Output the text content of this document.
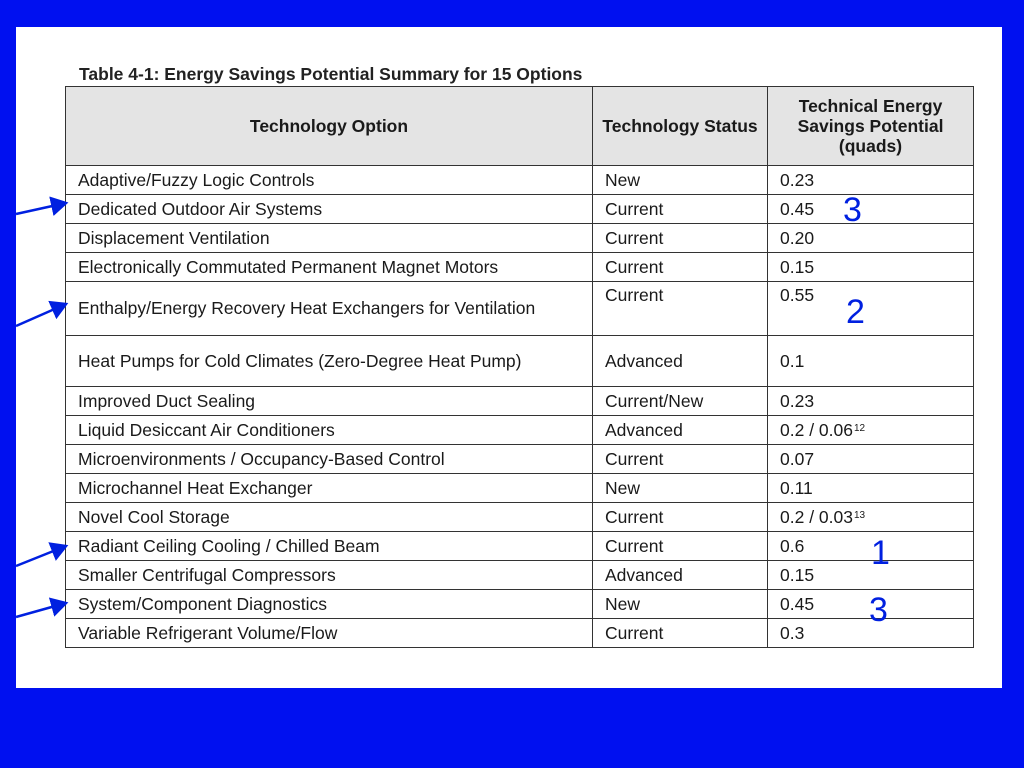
Table 4-1: Energy Savings Potential Summary for 15 Options
Technology Option	Technology Status	Technical Energy Savings Potential (quads)
Adaptive/Fuzzy Logic Controls	New	0.23
Dedicated Outdoor Air Systems	Current	0.45
Displacement Ventilation	Current	0.20
Electronically Commutated Permanent Magnet Motors	Current	0.15
Enthalpy/Energy Recovery Heat Exchangers for Ventilation	Current	0.55
Heat Pumps for Cold Climates (Zero-Degree Heat Pump)	Advanced	0.1
Improved Duct Sealing	Current/New	0.23
Liquid Desiccant Air Conditioners	Advanced	0.2 / 0.06$^{12}$
Microenvironments / Occupancy-Based Control	Current	0.07
Microchannel Heat Exchanger	New	0.11
Novel Cool Storage	Current	0.2 / 0.03$^{13}$
Radiant Ceiling Cooling / Chilled Beam	Current	0.6
Smaller Centrifugal Compressors	Advanced	0.15
System/Component Diagnostics	New	0.45
Variable Refrigerant Volume/Flow	Current	0.3
3
2
1
3
